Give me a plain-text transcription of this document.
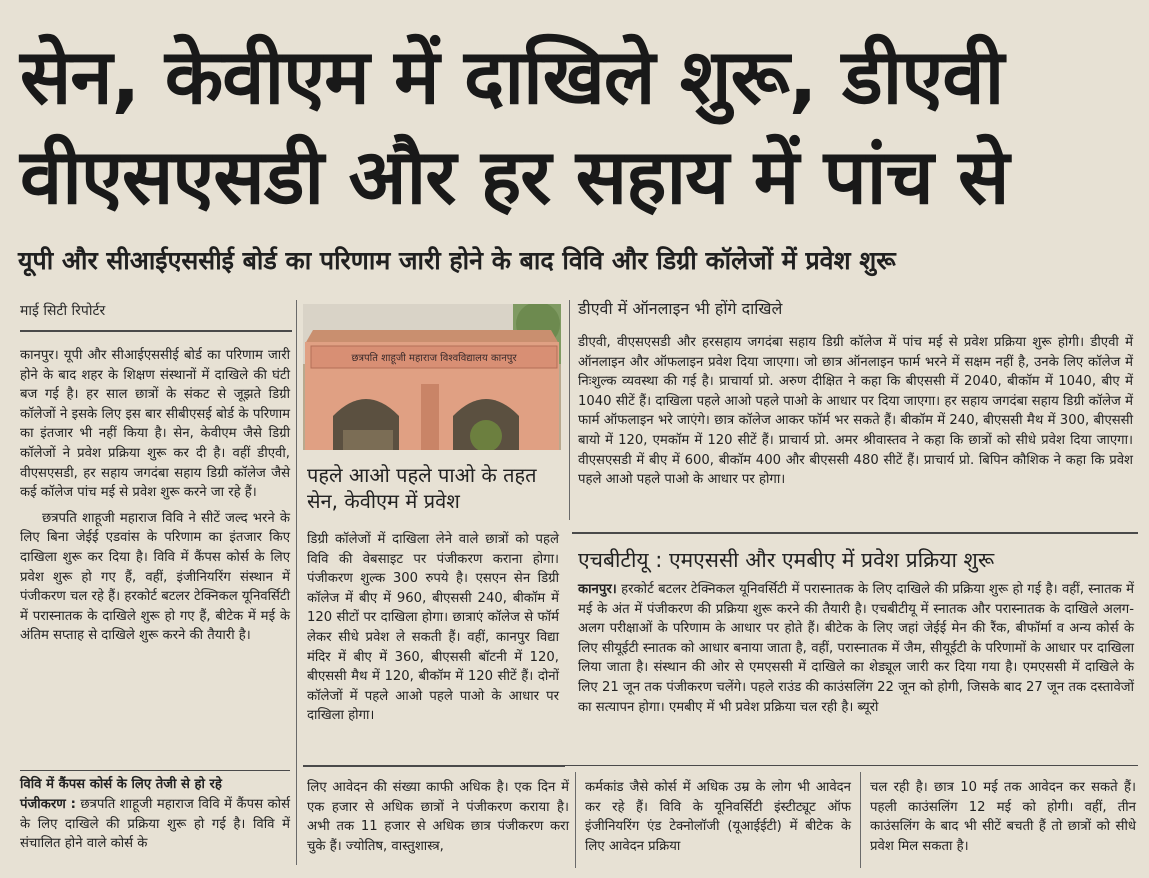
सेन, केवीएम में दाखिले शुरू, डीएवी
वीएसएसडी और हर सहाय में पांच से
यूपी और सीआईएससीई बोर्ड का परिणाम जारी होने के बाद विवि और डिग्री कॉलेजों में प्रवेश शुरू
माई सिटी रिपोर्टर

कानपुर। यूपी और सीआईएससीई बोर्ड का परिणाम जारी होने के बाद शहर के शिक्षण संस्थानों में दाखिले की घंटी बज गई है। हर साल छात्रों के संकट से जूझते डिग्री कॉलेजों ने इसके लिए इस बार सीबीएसई बोर्ड के परिणाम का इंतजार भी नहीं किया है। सेन, केवीएम जैसे डिग्री कॉलेजों ने प्रवेश प्रक्रिया शुरू कर दी है। वहीं डीएवी, वीएसएसडी, हर सहाय जगदंबा सहाय डिग्री कॉलेज जैसे कई कॉलेज पांच मई से प्रवेश शुरू करने जा रहे हैं।

छत्रपति शाहूजी महाराज विवि ने सीटें जल्द भरने के लिए बिना जेईई एडवांस के परिणाम का इंतजार किए दाखिला शुरू कर दिया है। विवि में कैंपस कोर्स के लिए प्रवेश शुरू हो गए हैं, वहीं, इंजीनियरिंग संस्थान में पंजीकरण चल रहे हैं। हरकोर्ट बटलर टेक्निकल यूनिवर्सिटी में परास्नातक के दाखिले शुरू हो गए हैं, बीटेक में मई के अंतिम सप्ताह से दाखिले शुरू करने की तैयारी है।

विवि में कैंपस कोर्स के लिए तेजी से हो रहे
पंजीकरण : छत्रपति शाहूजी महाराज विवि में कैंपस कोर्स के लिए दाखिले की प्रक्रिया शुरू हो गई है। विवि में संचालित होने वाले कोर्स के
छत्रपति शाहूजी महाराज विश्वविद्यालय कानपुर
पहले आओ पहले पाओ के तहत सेन, केवीएम में प्रवेश
डिग्री कॉलेजों में दाखिला लेने वाले छात्रों को पहले विवि की वेबसाइट पर पंजीकरण कराना होगा। पंजीकरण शुल्क 300 रुपये है। एसएन सेन डिग्री कॉलेज में बीए में 960, बीएससी 240, बीकॉम में 120 सीटों पर दाखिला होगा। छात्राएं कॉलेज से फॉर्म लेकर सीधे प्रवेश ले सकती हैं। वहीं, कानपुर विद्या मंदिर में बीए में 360, बीएससी बॉटनी में 120, बीएससी मैथ में 120, बीकॉम में 120 सीटें हैं। दोनों कॉलेजों में पहले आओ पहले पाओ के आधार पर दाखिला होगा।
डीएवी में ऑनलाइन भी होंगे दाखिले
डीएवी, वीएसएसडी और हरसहाय जगदंबा सहाय डिग्री कॉलेज में पांच मई से प्रवेश प्रक्रिया शुरू होगी। डीएवी में ऑनलाइन और ऑफलाइन प्रवेश दिया जाएगा। जो छात्र ऑनलाइन फार्म भरने में सक्षम नहीं है, उनके लिए कॉलेज में निःशुल्क व्यवस्था की गई है। प्राचार्या प्रो. अरुण दीक्षित ने कहा कि बीएससी में 2040, बीकॉम में 1040, बीए में 1040 सीटें हैं। दाखिला पहले आओ पहले पाओ के आधार पर दिया जाएगा। हर सहाय जगदंबा सहाय डिग्री कॉलेज में फार्म ऑफलाइन भरे जाएंगे। छात्र कॉलेज आकर फॉर्म भर सकते हैं। बीकॉम में 240, बीएससी मैथ में 300, बीएससी बायो में 120, एमकॉम में 120 सीटें हैं। प्राचार्य प्रो. अमर श्रीवास्तव ने कहा कि छात्रों को सीधे प्रवेश दिया जाएगा। वीएसएसडी में बीए में 600, बीकॉम 400 और बीएससी 480 सीटें हैं। प्राचार्य प्रो. बिपिन कौशिक ने कहा कि प्रवेश पहले आओ पहले पाओ के आधार पर होगा।
एचबीटीयू : एमएससी और एमबीए में प्रवेश प्रक्रिया शुरू
कानपुर। हरकोर्ट बटलर टेक्निकल यूनिवर्सिटी में परास्नातक के लिए दाखिले की प्रक्रिया शुरू हो गई है। वहीं, स्नातक में मई के अंत में पंजीकरण की प्रक्रिया शुरू करने की तैयारी है। एचबीटीयू में स्नातक और परास्नातक के दाखिले अलग-अलग परीक्षाओं के परिणाम के आधार पर होते हैं। बीटेक के लिए जहां जेईई मेन की रैंक, बीफॉर्मा व अन्य कोर्स के लिए सीयूईटी स्नातक को आधार बनाया जाता है, वहीं, परास्नातक में जैम, सीयूईटी के परिणामों के आधार पर दाखिला लिया जाता है। संस्थान की ओर से एमएससी में दाखिले का शेड्यूल जारी कर दिया गया है। एमएससी में दाखिले के लिए 21 जून तक पंजीकरण चलेंगे। पहले राउंड की काउंसलिंग 22 जून को होगी, जिसके बाद 27 जून तक दस्तावेजों का सत्यापन होगा। एमबीए में भी प्रवेश प्रक्रिया चल रही है। ब्यूरो
लिए आवेदन की संख्या काफी अधिक है। एक दिन में एक हजार से अधिक छात्रों ने पंजीकरण कराया है। अभी तक 11 हजार से अधिक छात्र पंजीकरण करा चुके हैं। ज्योतिष, वास्तुशास्त्र,
कर्मकांड जैसे कोर्स में अधिक उम्र के लोग भी आवेदन कर रहे हैं। विवि के यूनिवर्सिटी इंस्टीट्यूट ऑफ इंजीनियरिंग एंड टेक्नोलॉजी (यूआईईटी) में बीटेक के लिए आवेदन प्रक्रिया
चल रही है। छात्र 10 मई तक आवेदन कर सकते हैं। पहली काउंसलिंग 12 मई को होगी। वहीं, तीन काउंसलिंग के बाद भी सीटें बचती हैं तो छात्रों को सीधे प्रवेश मिल सकता है।
